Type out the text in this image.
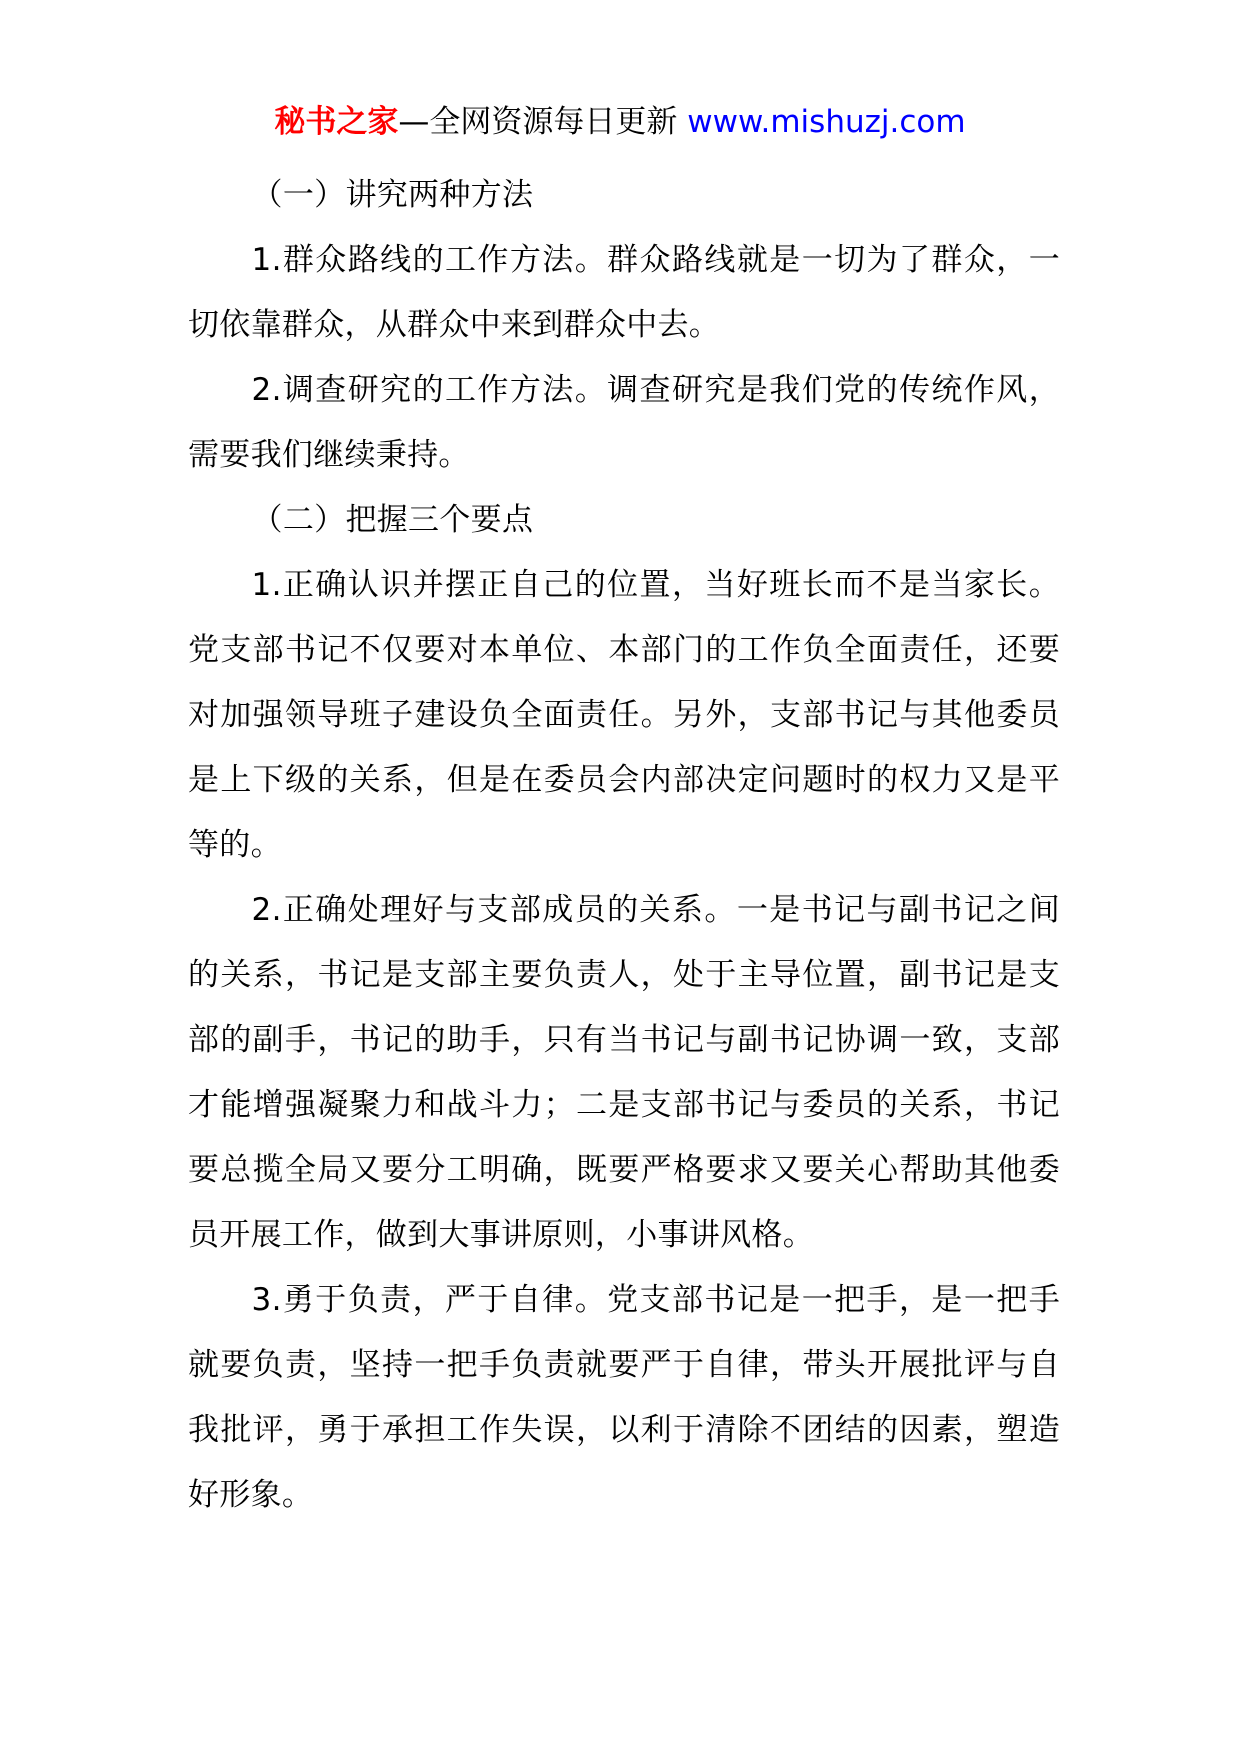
秘书之家—全网资源每日更新 www.mishuzj.com

（一）讲究两种方法

1.群众路线的工作方法。群众路线就是一切为了群众，一切依靠群众，从群众中来到群众中去。

2.调查研究的工作方法。调查研究是我们党的传统作风，需要我们继续秉持。

（二）把握三个要点

1.正确认识并摆正自己的位置，当好班长而不是当家长。党支部书记不仅要对本单位、本部门的工作负全面责任，还要对加强领导班子建设负全面责任。另外，支部书记与其他委员是上下级的关系，但是在委员会内部决定问题时的权力又是平等的。

2.正确处理好与支部成员的关系。一是书记与副书记之间的关系，书记是支部主要负责人，处于主导位置，副书记是支部的副手，书记的助手，只有当书记与副书记协调一致，支部才能增强凝聚力和战斗力；二是支部书记与委员的关系，书记要总揽全局又要分工明确，既要严格要求又要关心帮助其他委员开展工作，做到大事讲原则，小事讲风格。

3.勇于负责，严于自律。党支部书记是一把手，是一把手就要负责，坚持一把手负责就要严于自律，带头开展批评与自我批评，勇于承担工作失误，以利于清除不团结的因素，塑造好形象。
